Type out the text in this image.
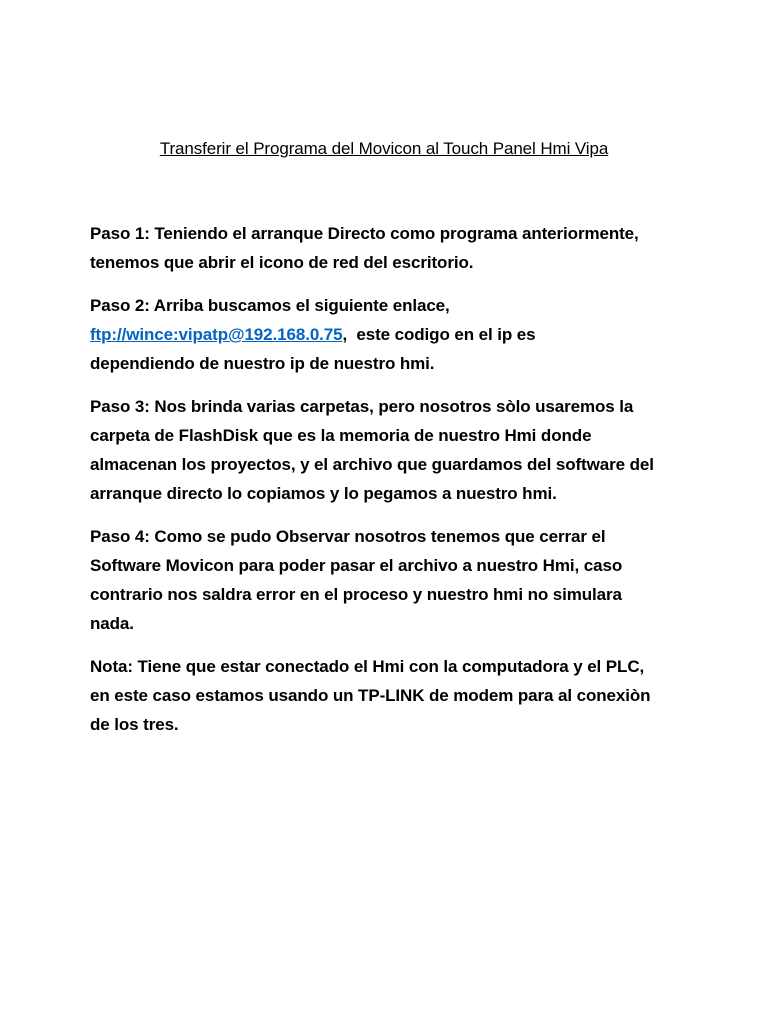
Transferir el Programa del Movicon al Touch Panel Hmi Vipa
Paso 1: Teniendo el arranque Directo como programa anteriormente,
tenemos que abrir el icono de red del escritorio.
Paso 2: Arriba buscamos el siguiente enlace,
ftp://wince:vipatp@192.168.0.75,  este codigo en el ip es
dependiendo de nuestro ip de nuestro hmi.
Paso 3: Nos brinda varias carpetas, pero nosotros sòlo usaremos la
carpeta de FlashDisk que es la memoria de nuestro Hmi donde
almacenan los proyectos, y el archivo que guardamos del software del
arranque directo lo copiamos y lo pegamos a nuestro hmi.
Paso 4: Como se pudo Observar nosotros tenemos que cerrar el
Software Movicon para poder pasar el archivo a nuestro Hmi, caso
contrario nos saldra error en el proceso y nuestro hmi no simulara
nada.
Nota: Tiene que estar conectado el Hmi con la computadora y el PLC,
en este caso estamos usando un TP-LINK de modem para al conexiòn
de los tres.
